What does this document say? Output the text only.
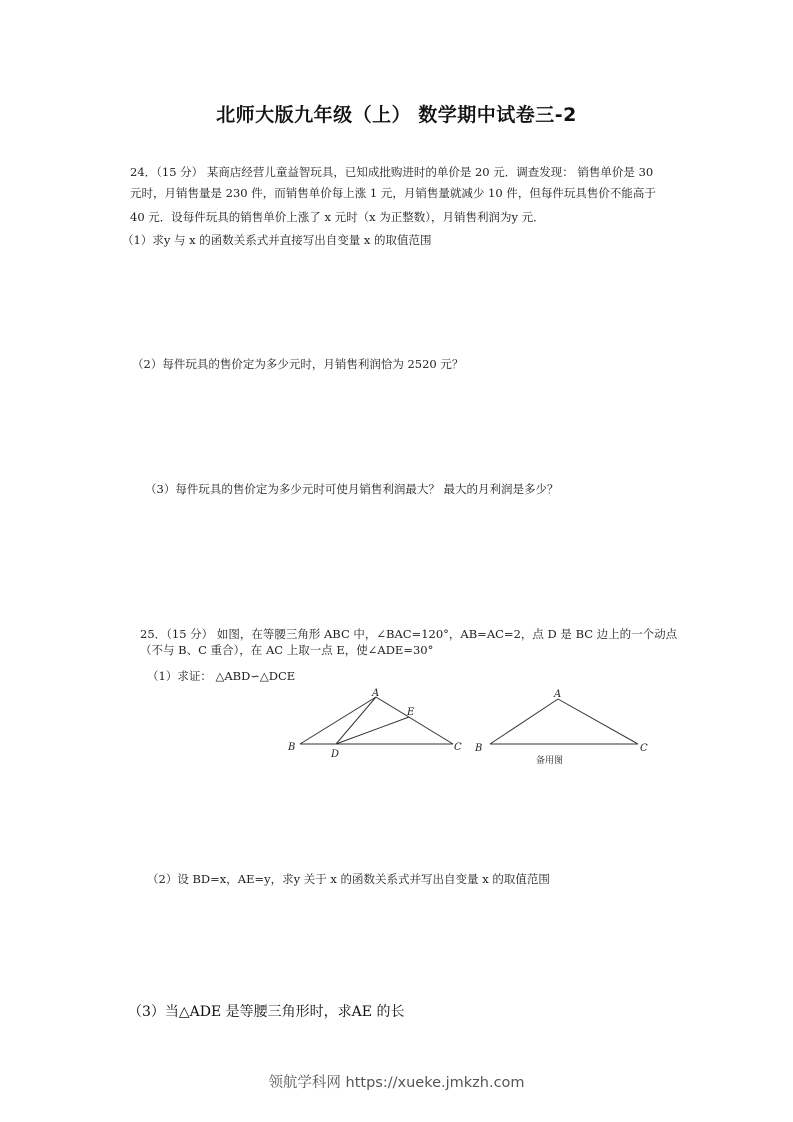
北师大版九年级（上） 数学期中试卷三-2
24．（15 分） 某商店经营儿童益智玩具，已知成批购进时的单价是 20 元．调查发现： 销售单价是 30
元时，月销售量是 230 件，而销售单价每上涨 1 元，月销售量就减少 10 件，但每件玩具售价不能高于
40 元．设每件玩具的销售单价上涨了 x 元时（x 为正整数），月销售利润为y 元．
（1）求y 与 x 的函数关系式并直接写出自变量 x 的取值范围
（2）每件玩具的售价定为多少元时，月销售利润恰为 2520 元？
（3）每件玩具的售价定为多少元时可使月销售利润最大？ 最大的月利润是多少？
25．（15 分） 如图，在等腰三角形 ABC 中，∠BAC=120°，AB=AC=2，点 D 是 BC 边上的一个动点
（不与 B、C 重合），在 AC 上取一点 E，使∠ADE=30°
（1）求证： △ABD∽△DCE
A
B	C
D
E
A
B	C
备用图
（2）设 BD=x，AE=y，求y 关于 x 的函数关系式并写出自变量 x 的取值范围
（3）当△ADE 是等腰三角形时，求AE 的长
领航学科网 https://xueke.jmkzh.com
